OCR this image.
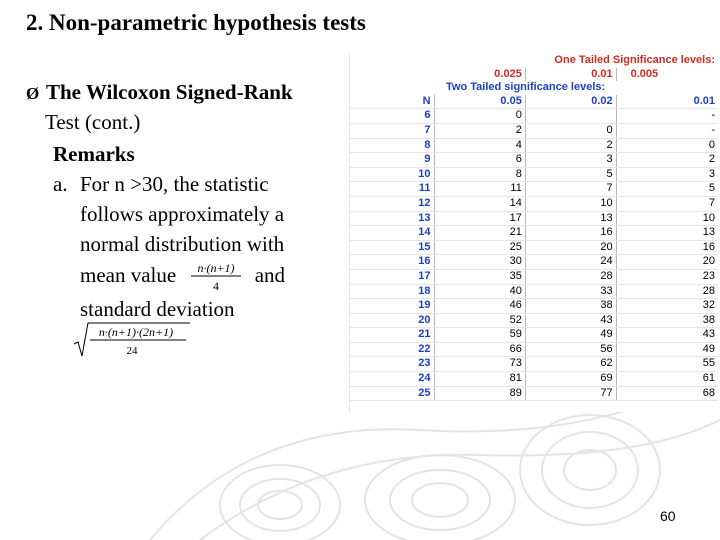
2. Non-parametric hypothesis tests
Ø The Wilcoxon Signed-Rank
Test (cont.)
Remarks
a. For n >30, the statistic
follows approximately a
normal distribution with
mean value n·(n+1)
4 and
standard deviation
n·(n+1)·(2n+1)
24
	One Tailed Significance levels:		
	0.025	0.01	0.005
	Two Tailed significance levels:		
N	0.05	0.02	0.01
6	0		-
7	2	0	-
8	4	2	0
9	6	3	2
10	8	5	3
11	11	7	5
12	14	10	7
13	17	13	10
14	21	16	13
15	25	20	16
16	30	24	20
17	35	28	23
18	40	33	28
19	46	38	32
20	52	43	38
21	59	49	43
22	66	56	49
23	73	62	55
24	81	69	61
25	89	77	68
60
